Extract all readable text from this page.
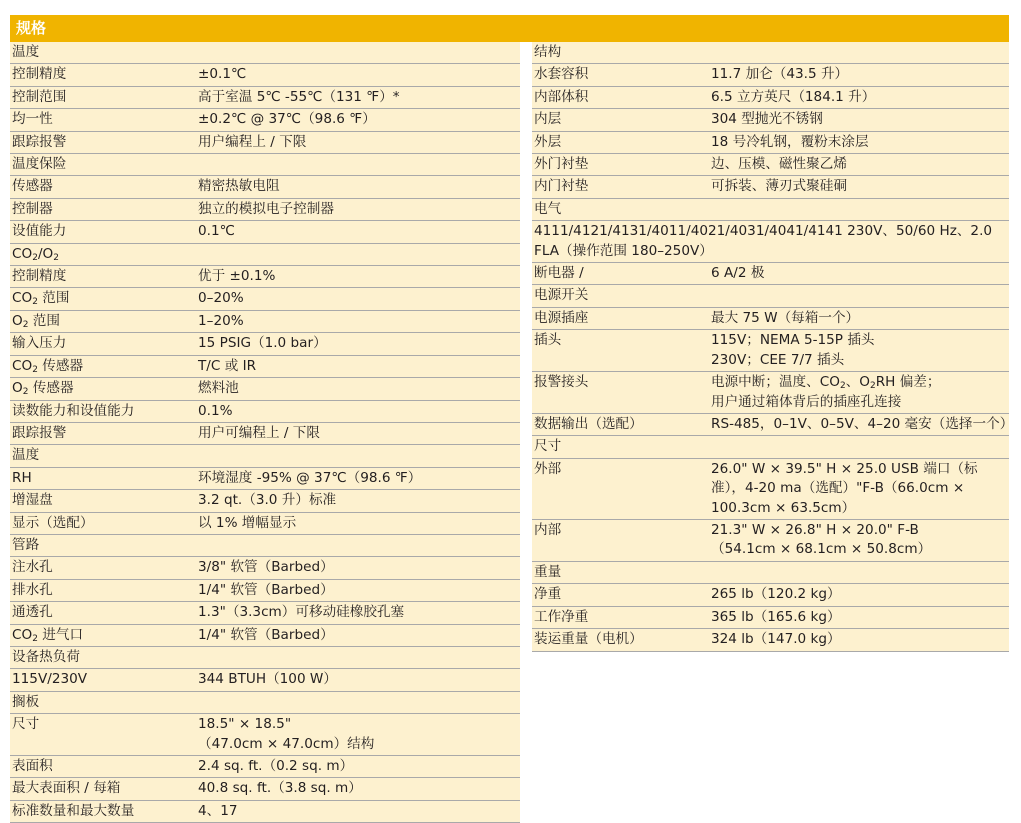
规格
温度
控制精度	±0.1℃
控制范围	高于室温 5℃ -55℃（131 ℉）*
均一性	±0.2℃ @ 37℃（98.6 ℉）
跟踪报警	用户编程上 / 下限
温度保险
传感器	精密热敏电阻
控制器	独立的模拟电子控制器
设值能力	0.1℃
$CO_2/O_2$
控制精度	优于 ±0.1%
$CO_2$ 范围	0–20%
$O_2$ 范围	1–20%
输入压力	15 PSIG（1.0 bar）
$CO_2$ 传感器	T/C 或 IR
$O_2$ 传感器	燃料池
读数能力和设值能力	0.1%
跟踪报警	用户可编程上 / 下限
温度
RH	环境湿度 -95% @ 37℃（98.6 ℉）
增湿盘	3.2 qt.（3.0 升）标准
显示（选配）	以 1% 增幅显示
管路
注水孔	3/8" 软管（Barbed）
排水孔	1/4" 软管（Barbed）
通透孔	1.3"（3.3cm）可移动硅橡胶孔塞
$CO_2$ 进气口	1/4" 软管（Barbed）
设备热负荷
115V/230V	344 BTUH（100 W）
搁板
尺寸	18.5" × 18.5"
（47.0cm × 47.0cm）结构
表面积	2.4 sq. ft.（0.2 sq. m）
最大表面积 / 每箱	40.8 sq. ft.（3.8 sq. m）
标准数量和最大数量	4、17
结构
水套容积	11.7 加仑（43.5 升）
内部体积	6.5 立方英尺（184.1 升）
内层	304 型抛光不锈钢
外层	18 号冷轧钢，覆粉末涂层
外门衬垫	边、压模、磁性聚乙烯
内门衬垫	可拆装、薄刃式聚硅硐
电气
4111/4121/4131/4011/4021/4031/4041/4141 230V、50/60 Hz、2.0 FLA（操作范围 180–250V）
断电器 /	6 A/2 极
电源开关
电源插座	最大 75 W（每箱一个）
插头	115V；NEMA 5-15P 插头
230V；CEE 7/7 插头
报警接头	电源中断；温度、$CO_2$、$O_2RH$ 偏差；
用户通过箱体背后的插座孔连接
数据输出（选配）	RS-485，0–1V、0–5V、4–20 毫安（选择一个）
尺寸
外部	26.0" W × 39.5" H × 25.0 USB 端口（标准），4-20 ma（选配）"F-B（66.0cm × 100.3cm × 63.5cm）
内部	21.3" W × 26.8" H × 20.0" F-B
（54.1cm × 68.1cm × 50.8cm）
重量
净重	265 lb（120.2 kg）
工作净重	365 lb（165.6 kg）
装运重量（电机）	324 lb（147.0 kg）
